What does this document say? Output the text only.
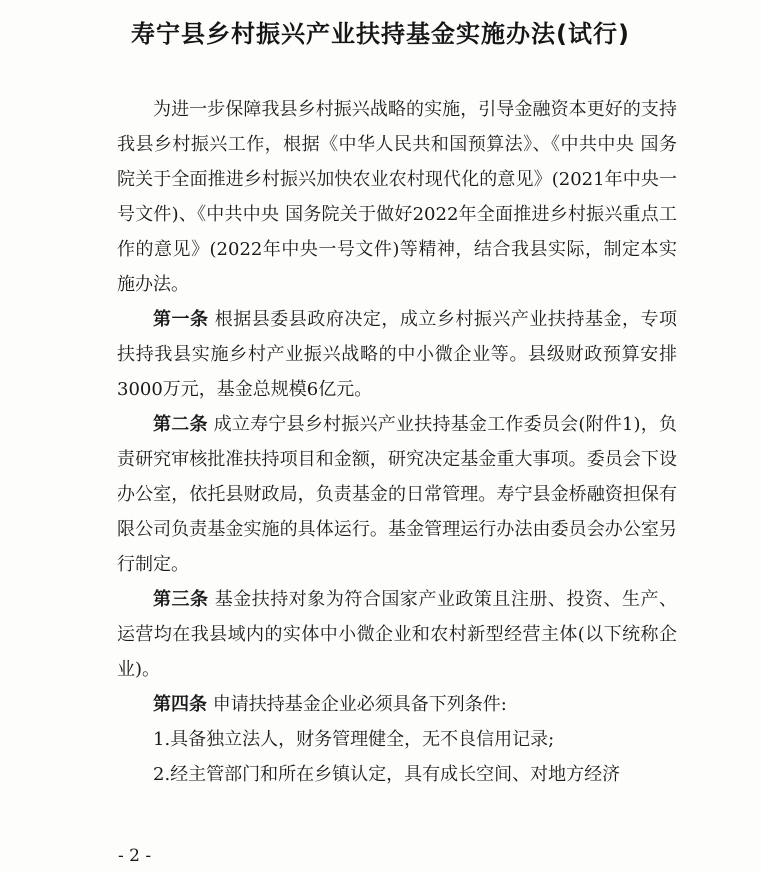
寿宁县乡村振兴产业扶持基金实施办法(试行)

为进一步保障我县乡村振兴战略的实施，引导金融资本更好的支持我县乡村振兴工作，根据《中华人民共和国预算法》、《中共中央 国务院关于全面推进乡村振兴加快农业农村现代化的意见》(2021年中央一号文件)、《中共中央 国务院关于做好2022年全面推进乡村振兴重点工作的意见》(2022年中央一号文件)等精神，结合我县实际，制定本实施办法。

第一条 根据县委县政府决定，成立乡村振兴产业扶持基金，专项扶持我县实施乡村产业振兴战略的中小微企业等。县级财政预算安排3000万元，基金总规模6亿元。

第二条 成立寿宁县乡村振兴产业扶持基金工作委员会(附件1)，负责研究审核批准扶持项目和金额，研究决定基金重大事项。委员会下设办公室，依托县财政局，负责基金的日常管理。寿宁县金桥融资担保有限公司负责基金实施的具体运行。基金管理运行办法由委员会办公室另行制定。

第三条 基金扶持对象为符合国家产业政策且注册、投资、生产、运营均在我县域内的实体中小微企业和农村新型经营主体(以下统称企业)。

第四条 申请扶持基金企业必须具备下列条件:

1.具备独立法人，财务管理健全，无不良信用记录;

2.经主管部门和所在乡镇认定，具有成长空间、对地方经济

- 2 -
